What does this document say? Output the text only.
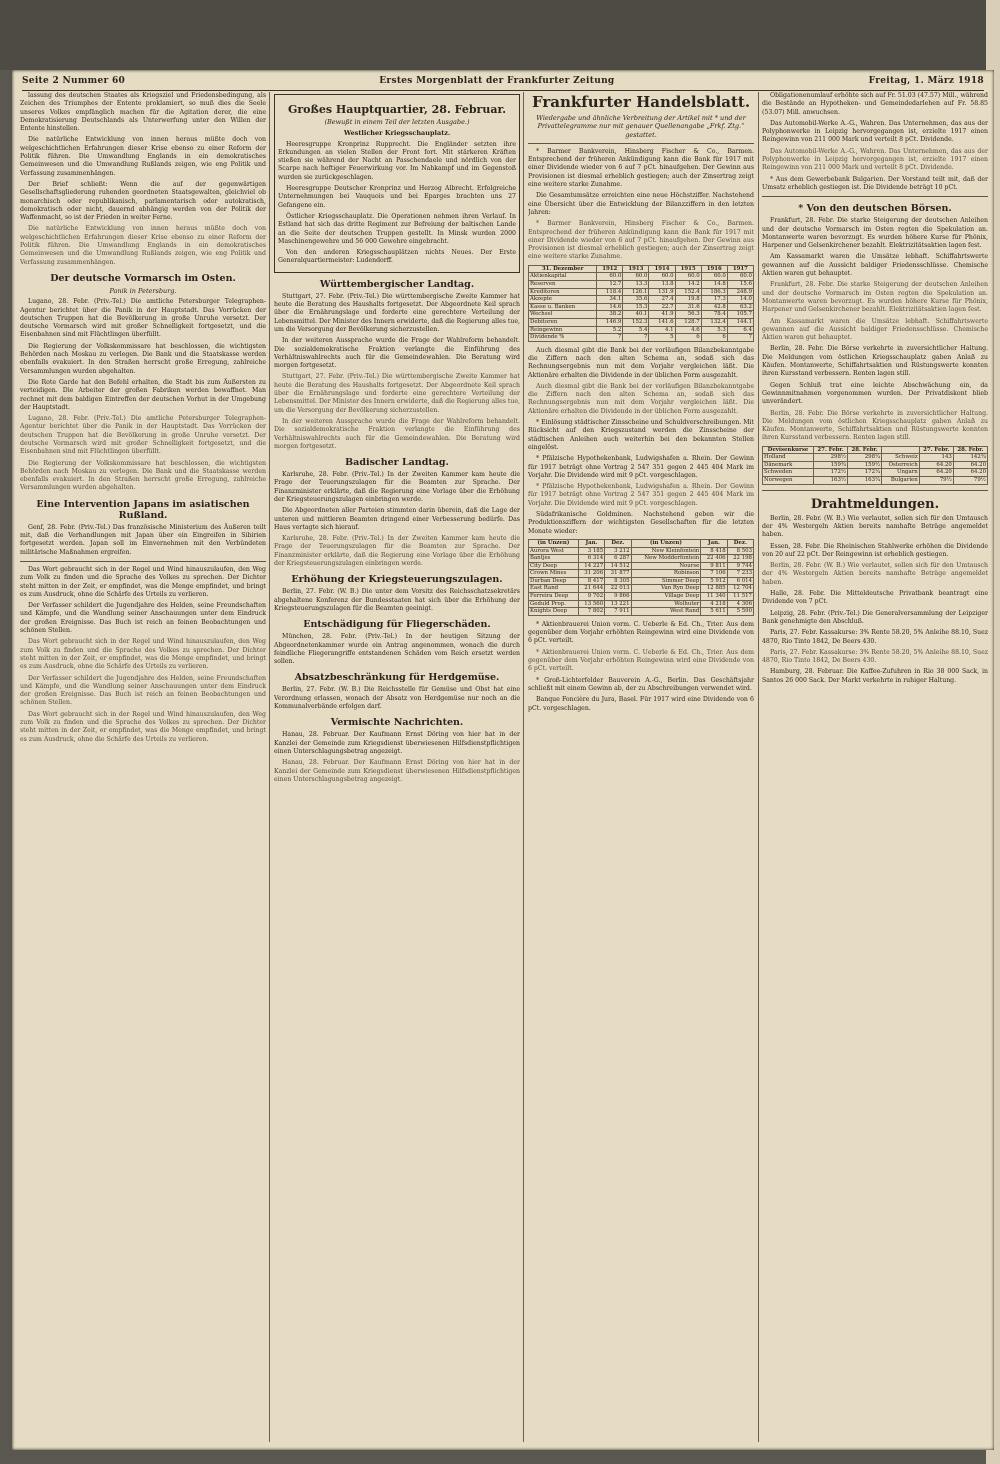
Seite 2 Nummer 60	Erstes Morgenblatt der Frankfurter Zeitung	Freitag, 1. März 1918

lassung des deutschen Staates als Kriegsziel und Friedensbedingung, als Zeichen des Triumphes der Entente proklamiert, so muß dies die Seele unseres Volkes empfänglich machen für die Agitation derer, die eine Demokratisierung Deutschlands als Unterwerfung unter den Willen der Entente hinstellen.

Die natürliche Entwicklung von innen heraus müßte doch von welgeschichtlichen Erfahrungen dieser Krise ebenso zu einer Reform der Politik führen. Die Umwandlung Englands in ein demokratisches Gemeinwesen und die Umwandlung Rußlands zeigen, wie eng Politik und Verfassung zusammenhängen.

Der Brief schließt: Wenn die auf der gegenwärtigen Gesellschaftsgliederung ruhenden geordneten Staatsgewalten, gleichviel ob monarchisch oder republikanisch, parlamentarisch oder autokratisch, demokratisch oder nicht, dauernd abhängig werden von der Politik der Waffenmacht, so ist der Frieden in weiter Ferne.

Die natürliche Entwicklung von innen heraus müßte doch von welgeschichtlichen Erfahrungen dieser Krise ebenso zu einer Reform der Politik führen. Die Umwandlung Englands in ein demokratisches Gemeinwesen und die Umwandlung Rußlands zeigen, wie eng Politik und Verfassung zusammenhängen.

Der deutsche Vormarsch im Osten.
Panik in Petersburg.

Lugano, 28. Febr. (Priv.-Tel.) Die amtliche Petersburger Telegraphen-Agentur berichtet über die Panik in der Hauptstadt. Das Vorrücken der deutschen Truppen hat die Bevölkerung in große Unruhe versetzt. Der deutsche Vormarsch wird mit großer Schnelligkeit fortgesetzt, und die Eisenbahnen sind mit Flüchtlingen überfüllt.

Die Regierung der Volkskommissare hat beschlossen, die wichtigsten Behörden nach Moskau zu verlegen. Die Bank und die Staatskasse werden ebenfalls evakuiert. In den Straßen herrscht große Erregung, zahlreiche Versammlungen wurden abgehalten.

Die Rote Garde hat den Befehl erhalten, die Stadt bis zum Äußersten zu verteidigen. Die Arbeiter der großen Fabriken werden bewaffnet. Man rechnet mit dem baldigen Eintreffen der deutschen Vorhut in der Umgebung der Hauptstadt.

Lugano, 28. Febr. (Priv.-Tel.) Die amtliche Petersburger Telegraphen-Agentur berichtet über die Panik in der Hauptstadt. Das Vorrücken der deutschen Truppen hat die Bevölkerung in große Unruhe versetzt. Der deutsche Vormarsch wird mit großer Schnelligkeit fortgesetzt, und die Eisenbahnen sind mit Flüchtlingen überfüllt.

Die Regierung der Volkskommissare hat beschlossen, die wichtigsten Behörden nach Moskau zu verlegen. Die Bank und die Staatskasse werden ebenfalls evakuiert. In den Straßen herrscht große Erregung, zahlreiche Versammlungen wurden abgehalten.

Eine Intervention Japans im asiatischen Rußland.

Genf, 28. Febr. (Priv.-Tel.) Das französische Ministerium des Äußeren teilt mit, daß die Verhandlungen mit Japan über ein Eingreifen in Sibirien fortgesetzt werden. Japan soll im Einvernehmen mit den Verbündeten militärische Maßnahmen ergreifen.

Das Wort gebraucht sich in der Regel und Wind hinauszulaufen, den Weg zum Volk zu finden und die Sprache des Volkes zu sprechen. Der Dichter steht mitten in der Zeit, er empfindet, was die Menge empfindet, und bringt es zum Ausdruck, ohne die Schärfe des Urteils zu verlieren.

Der Verfasser schildert die Jugendjahre des Helden, seine Freundschaften und Kämpfe, und die Wandlung seiner Anschauungen unter dem Eindruck der großen Ereignisse. Das Buch ist reich an feinen Beobachtungen und schönen Stellen.

Das Wort gebraucht sich in der Regel und Wind hinauszulaufen, den Weg zum Volk zu finden und die Sprache des Volkes zu sprechen. Der Dichter steht mitten in der Zeit, er empfindet, was die Menge empfindet, und bringt es zum Ausdruck, ohne die Schärfe des Urteils zu verlieren.

Der Verfasser schildert die Jugendjahre des Helden, seine Freundschaften und Kämpfe, und die Wandlung seiner Anschauungen unter dem Eindruck der großen Ereignisse. Das Buch ist reich an feinen Beobachtungen und schönen Stellen.

Das Wort gebraucht sich in der Regel und Wind hinauszulaufen, den Weg zum Volk zu finden und die Sprache des Volkes zu sprechen. Der Dichter steht mitten in der Zeit, er empfindet, was die Menge empfindet, und bringt es zum Ausdruck, ohne die Schärfe des Urteils zu verlieren.

Großes Hauptquartier, 28. Februar.
(Bewußt in einem Teil der letzten Ausgabe.)
Westlicher Kriegsschauplatz.

Heeresgruppe Kronprinz Rupprecht. Die Engländer setzten ihre Erkundungen an vielen Stellen der Front fort. Mit stärkeren Kräften stießen sie während der Nacht an Passchendaele und nördlich von der Scarpe nach heftiger Feuerwirkung vor. Im Nahkampf und im Gegenstoß wurden sie zurückgeschlagen.

Heeresgruppe Deutscher Kronprinz und Herzog Albrecht. Erfolgreiche Unternehmungen bei Vauquois und bei Eparges brachten uns 27 Gefangene ein.

Östlicher Kriegsschauplatz. Die Operationen nehmen ihren Verlauf. In Estland hat sich das dritte Regiment zur Befreiung der baltischen Lande an die Seite der deutschen Truppen gestellt. In Minsk wurden 2000 Maschinengewehre und 56 000 Gewehre eingebracht.

Von den anderen Kriegsschauplätzen nichts Neues. Der Erste Generalquartiermeister: Ludendorff.

Württembergischer Landtag.

Stuttgart, 27. Febr. (Priv.-Tel.) Die württembergische Zweite Kammer hat heute die Beratung des Haushalts fortgesetzt. Der Abgeordnete Keil sprach über die Ernährungslage und forderte eine gerechtere Verteilung der Lebensmittel. Der Minister des Innern erwiderte, daß die Regierung alles tue, um die Versorgung der Bevölkerung sicherzustellen.

In der weiteren Aussprache wurde die Frage der Wahlreform behandelt. Die sozialdemokratische Fraktion verlangte die Einführung des Verhältniswahlrechts auch für die Gemeindewahlen. Die Beratung wird morgen fortgesetzt.

Stuttgart, 27. Febr. (Priv.-Tel.) Die württembergische Zweite Kammer hat heute die Beratung des Haushalts fortgesetzt. Der Abgeordnete Keil sprach über die Ernährungslage und forderte eine gerechtere Verteilung der Lebensmittel. Der Minister des Innern erwiderte, daß die Regierung alles tue, um die Versorgung der Bevölkerung sicherzustellen.

In der weiteren Aussprache wurde die Frage der Wahlreform behandelt. Die sozialdemokratische Fraktion verlangte die Einführung des Verhältniswahlrechts auch für die Gemeindewahlen. Die Beratung wird morgen fortgesetzt.

Badischer Landtag.

Karlsruhe, 28. Febr. (Priv.-Tel.) In der Zweiten Kammer kam heute die Frage der Teuerungszulagen für die Beamten zur Sprache. Der Finanzminister erklärte, daß die Regierung eine Vorlage über die Erhöhung der Kriegsteuerungszulagen einbringen werde.

Die Abgeordneten aller Parteien stimmten darin überein, daß die Lage der unteren und mittleren Beamten dringend einer Verbesserung bedürfe. Das Haus vertagte sich hierauf.

Karlsruhe, 28. Febr. (Priv.-Tel.) In der Zweiten Kammer kam heute die Frage der Teuerungszulagen für die Beamten zur Sprache. Der Finanzminister erklärte, daß die Regierung eine Vorlage über die Erhöhung der Kriegsteuerungszulagen einbringen werde.

Erhöhung der Kriegsteuerungszulagen.

Berlin, 27. Febr. (W. B.) Die unter dem Vorsitz des Reichsschatzsekretärs abgehaltene Konferenz der Bundesstaaten hat sich über die Erhöhung der Kriegsteuerungszulagen für die Beamten geeinigt.

Entschädigung für Fliegerschäden.

München, 28. Febr. (Priv.-Tel.) In der heutigen Sitzung der Abgeordnetenkammer wurde ein Antrag angenommen, wonach die durch feindliche Fliegerangriffe entstandenen Schäden vom Reich ersetzt werden sollen.

Absatzbeschränkung für Herdgemüse.

Berlin, 27. Febr. (W. B.) Die Reichsstelle für Gemüse und Obst hat eine Verordnung erlassen, wonach der Absatz von Herdgemüse nur noch an die Kommunalverbände erfolgen darf.

Vermischte Nachrichten.

Hanau, 28. Februar. Der Kaufmann Ernst Döring von hier hat in der Kanzlei der Gemeinde zum Kriegsdienst überwiesenen Hilfsdienstpflichtigen einen Unterschlagungsbetrag angezeigt.

Hanau, 28. Februar. Der Kaufmann Ernst Döring von hier hat in der Kanzlei der Gemeinde zum Kriegsdienst überwiesenen Hilfsdienstpflichtigen einen Unterschlagungsbetrag angezeigt.

Frankfurter Handelsblatt.
Wiedergabe und ähnliche Verbreitung der Artikel mit * und der Privattelegramme nur mit genauer Quellenangabe „Frkf. Ztg.“ gestattet.

* Barmer Bankverein, Hinsberg Fischer & Co., Barmen. Entsprechend der früheren Ankündigung kann die Bank für 1917 mit einer Dividende wieder von 6 auf 7 pCt. hinaufgehen. Der Gewinn aus Provisionen ist diesmal erheblich gestiegen; auch der Zinsertrag zeigt eine weitere starke Zunahme.

Die Gesamtumsätze erreichten eine neue Höchstziffer. Nachstehend eine Übersicht über die Entwicklung der Bilanzziffern in den letzten Jahren:

* Barmer Bankverein, Hinsberg Fischer & Co., Barmen. Entsprechend der früheren Ankündigung kann die Bank für 1917 mit einer Dividende wieder von 6 auf 7 pCt. hinaufgehen. Der Gewinn aus Provisionen ist diesmal erheblich gestiegen; auch der Zinsertrag zeigt eine weitere starke Zunahme.

31. Dezember	1912	1913	1914	1915	1916	1917
Aktienkapital	60.0	60.0	60.0	60.0	60.0	60.0
Reserven	12.7	13.3	13.8	14.2	14.8	15.6
Kreditoren	118.4	126.1	131.9	152.4	186.3	248.9
Akzepte	34.1	35.6	27.4	19.8	17.3	14.0
Kasse u. Banken	14.6	15.3	22.7	31.6	42.8	63.2
Wechsel	38.2	40.1	41.9	56.3	78.4	105.7
Debitoren	146.9	152.3	141.6	128.7	132.4	144.1
Reingewinn	5.2	5.4	4.1	4.6	5.3	6.4
Dividende %	7	7	5	6	6	7

Auch diesmal gibt die Bank bei der vorläufigen Bilanzbekanntgabe die Ziffern nach den alten Schema an, sodaß sich das Rechnungsergebnis nun mit dem Vorjahr vergleichen läßt. Die Aktionäre erhalten die Dividende in der üblichen Form ausgezahlt.

Auch diesmal gibt die Bank bei der vorläufigen Bilanzbekanntgabe die Ziffern nach den alten Schema an, sodaß sich das Rechnungsergebnis nun mit dem Vorjahr vergleichen läßt. Die Aktionäre erhalten die Dividende in der üblichen Form ausgezahlt.

* Einlösung städtischer Zinsscheine und Schuldverschreibungen. Mit Rücksicht auf den Kriegszustand werden die Zinsscheine der städtischen Anleihen auch weiterhin bei den bekannten Stellen eingelöst.

* Pfälzische Hypothekenbank, Ludwigshafen a. Rhein. Der Gewinn für 1917 beträgt ohne Vortrag 2 547 351 gegen 2 445 404 Mark im Vorjahr. Die Dividende wird mit 9 pCt. vorgeschlagen.

* Pfälzische Hypothekenbank, Ludwigshafen a. Rhein. Der Gewinn für 1917 beträgt ohne Vortrag 2 547 351 gegen 2 445 404 Mark im Vorjahr. Die Dividende wird mit 9 pCt. vorgeschlagen.

Südafrikanische Goldminen. Nachstehend geben wir die Produktionsziffern der wichtigsten Gesellschaften für die letzten Monate wieder:

(in Unzen)	Jan.	Dez.	(in Unzen)	Jan.	Dez.
Aurora West	3 185	3 212	New Kleinfontein	8 418	8 503
Bantjes	6 314	6 287	New Modderfontein	22 406	22 198
City Deep	14 227	14 512	Nourse	9 811	9 744
Crown Mines	31 206	31 877	Robinson	7 106	7 233
Durban Deep	8 417	8 305	Simmer Deep	5 912	6 014
East Rand	21 644	22 013	Van Ryn Deep	12 885	12 704
Ferreira Deep	9 702	9 866	Village Deep	11 340	11 517
Geduld Prop.	13 560	13 221	Wolhuter	4 218	4 306
Knights Deep	7 802	7 911	West Rand	5 611	5 590

* Aktienbrauerei Union vorm. C. Ueberle & Ed. Ch., Trier. Aus dem gegenüber dem Vorjahr erhöhten Reingewinn wird eine Dividende von 6 pCt. verteilt.

* Aktienbrauerei Union vorm. C. Ueberle & Ed. Ch., Trier. Aus dem gegenüber dem Vorjahr erhöhten Reingewinn wird eine Dividende von 6 pCt. verteilt.

* Groß-Lichterfelder Bauverein A.-G., Berlin. Das Geschäftsjahr schließt mit einem Gewinn ab, der zu Abschreibungen verwendet wird.

Banque Foncière du Jura, Basel. Für 1917 wird eine Dividende von 6 pCt. vorgeschlagen.

Obligationenumlauf erhöhte sich auf Fr. 51.03 (47.57) Mill., während die Bestände an Hypotheken- und Gemeindedarlehen auf Fr. 58.85 (53.07) Mill. anwuchsen.

Das Automobil-Werke A.-G., Wahren. Das Unternehmen, das aus der Polyphonwerke in Leipzig hervorgegangen ist, erzielte 1917 einen Reingewinn von 211 000 Mark und verteilt 8 pCt. Dividende.

Das Automobil-Werke A.-G., Wahren. Das Unternehmen, das aus der Polyphonwerke in Leipzig hervorgegangen ist, erzielte 1917 einen Reingewinn von 211 000 Mark und verteilt 8 pCt. Dividende.

* Aus dem Gewerbebank Bulgarien. Der Vorstand teilt mit, daß der Umsatz erheblich gestiegen ist. Die Dividende beträgt 10 pCt.

* Von den deutschen Börsen.

Frankfurt, 28. Febr. Die starke Steigerung der deutschen Anleihen und der deutsche Vormarsch im Osten regten die Spekulation an. Montanwerte waren bevorzugt. Es wurden höhere Kurse für Phönix, Harpener und Gelsenkirchener bezahlt. Elektrizitätsaktien lagen fest.

Am Kassamarkt waren die Umsätze lebhaft. Schiffahrtswerte gewannen auf die Aussicht baldiger Friedensschlüsse. Chemische Aktien waren gut behauptet.

Frankfurt, 28. Febr. Die starke Steigerung der deutschen Anleihen und der deutsche Vormarsch im Osten regten die Spekulation an. Montanwerte waren bevorzugt. Es wurden höhere Kurse für Phönix, Harpener und Gelsenkirchener bezahlt. Elektrizitätsaktien lagen fest.

Am Kassamarkt waren die Umsätze lebhaft. Schiffahrtswerte gewannen auf die Aussicht baldiger Friedensschlüsse. Chemische Aktien waren gut behauptet.

Berlin, 28. Febr. Die Börse verkehrte in zuversichtlicher Haltung. Die Meldungen vom östlichen Kriegsschauplatz gaben Anlaß zu Käufen. Montanwerte, Schiffahrtsaktien und Rüstungswerte konnten ihren Kursstand verbessern. Renten lagen still.

Gegen Schluß trat eine leichte Abschwächung ein, da Gewinnmitnahmen vorgenommen wurden. Der Privatdiskont blieb unverändert.

Berlin, 28. Febr. Die Börse verkehrte in zuversichtlicher Haltung. Die Meldungen vom östlichen Kriegsschauplatz gaben Anlaß zu Käufen. Montanwerte, Schiffahrtsaktien und Rüstungswerte konnten ihren Kursstand verbessern. Renten lagen still.

Devisenkurse	27. Febr.	28. Febr.		27. Febr.	28. Febr.
Holland	298½	298¼	Schweiz	143	142¾
Dänemark	159¾	159½	Österreich	64.20	64.20
Schweden	172½	172¼	Ungarn	64.20	64.20
Norwegen	163½	163¼	Bulgarien	79½	79½
Drahtmeldungen.

Berlin, 28. Febr. (W. B.) Wie verlautet, sollen sich für den Umtausch der 4% Westergeln Aktien bereits namhafte Beträge angemeldet haben.

Essen, 28. Febr. Die Rheinischen Stahlwerke erhöhen die Dividende von 20 auf 22 pCt. Der Reingewinn ist erheblich gestiegen.

Berlin, 28. Febr. (W. B.) Wie verlautet, sollen sich für den Umtausch der 4% Westergeln Aktien bereits namhafte Beträge angemeldet haben.

Halle, 28. Febr. Die Mitteldeutsche Privatbank beantragt eine Dividende von 7 pCt.

Leipzig, 28. Febr. (Priv.-Tel.) Die Generalversammlung der Leipziger Bank genehmigte den Abschluß.

Paris, 27. Febr. Kassakurse: 3% Rente 58.20, 5% Anleihe 88.10, Suez 4870, Rio Tinto 1842, De Beers 430.

Paris, 27. Febr. Kassakurse: 3% Rente 58.20, 5% Anleihe 88.10, Suez 4870, Rio Tinto 1842, De Beers 430.

Hamburg, 28. Februar. Die Kaffee-Zufuhren in Rio 38 000 Sack, in Santos 26 000 Sack. Der Markt verkehrte in ruhiger Haltung.
